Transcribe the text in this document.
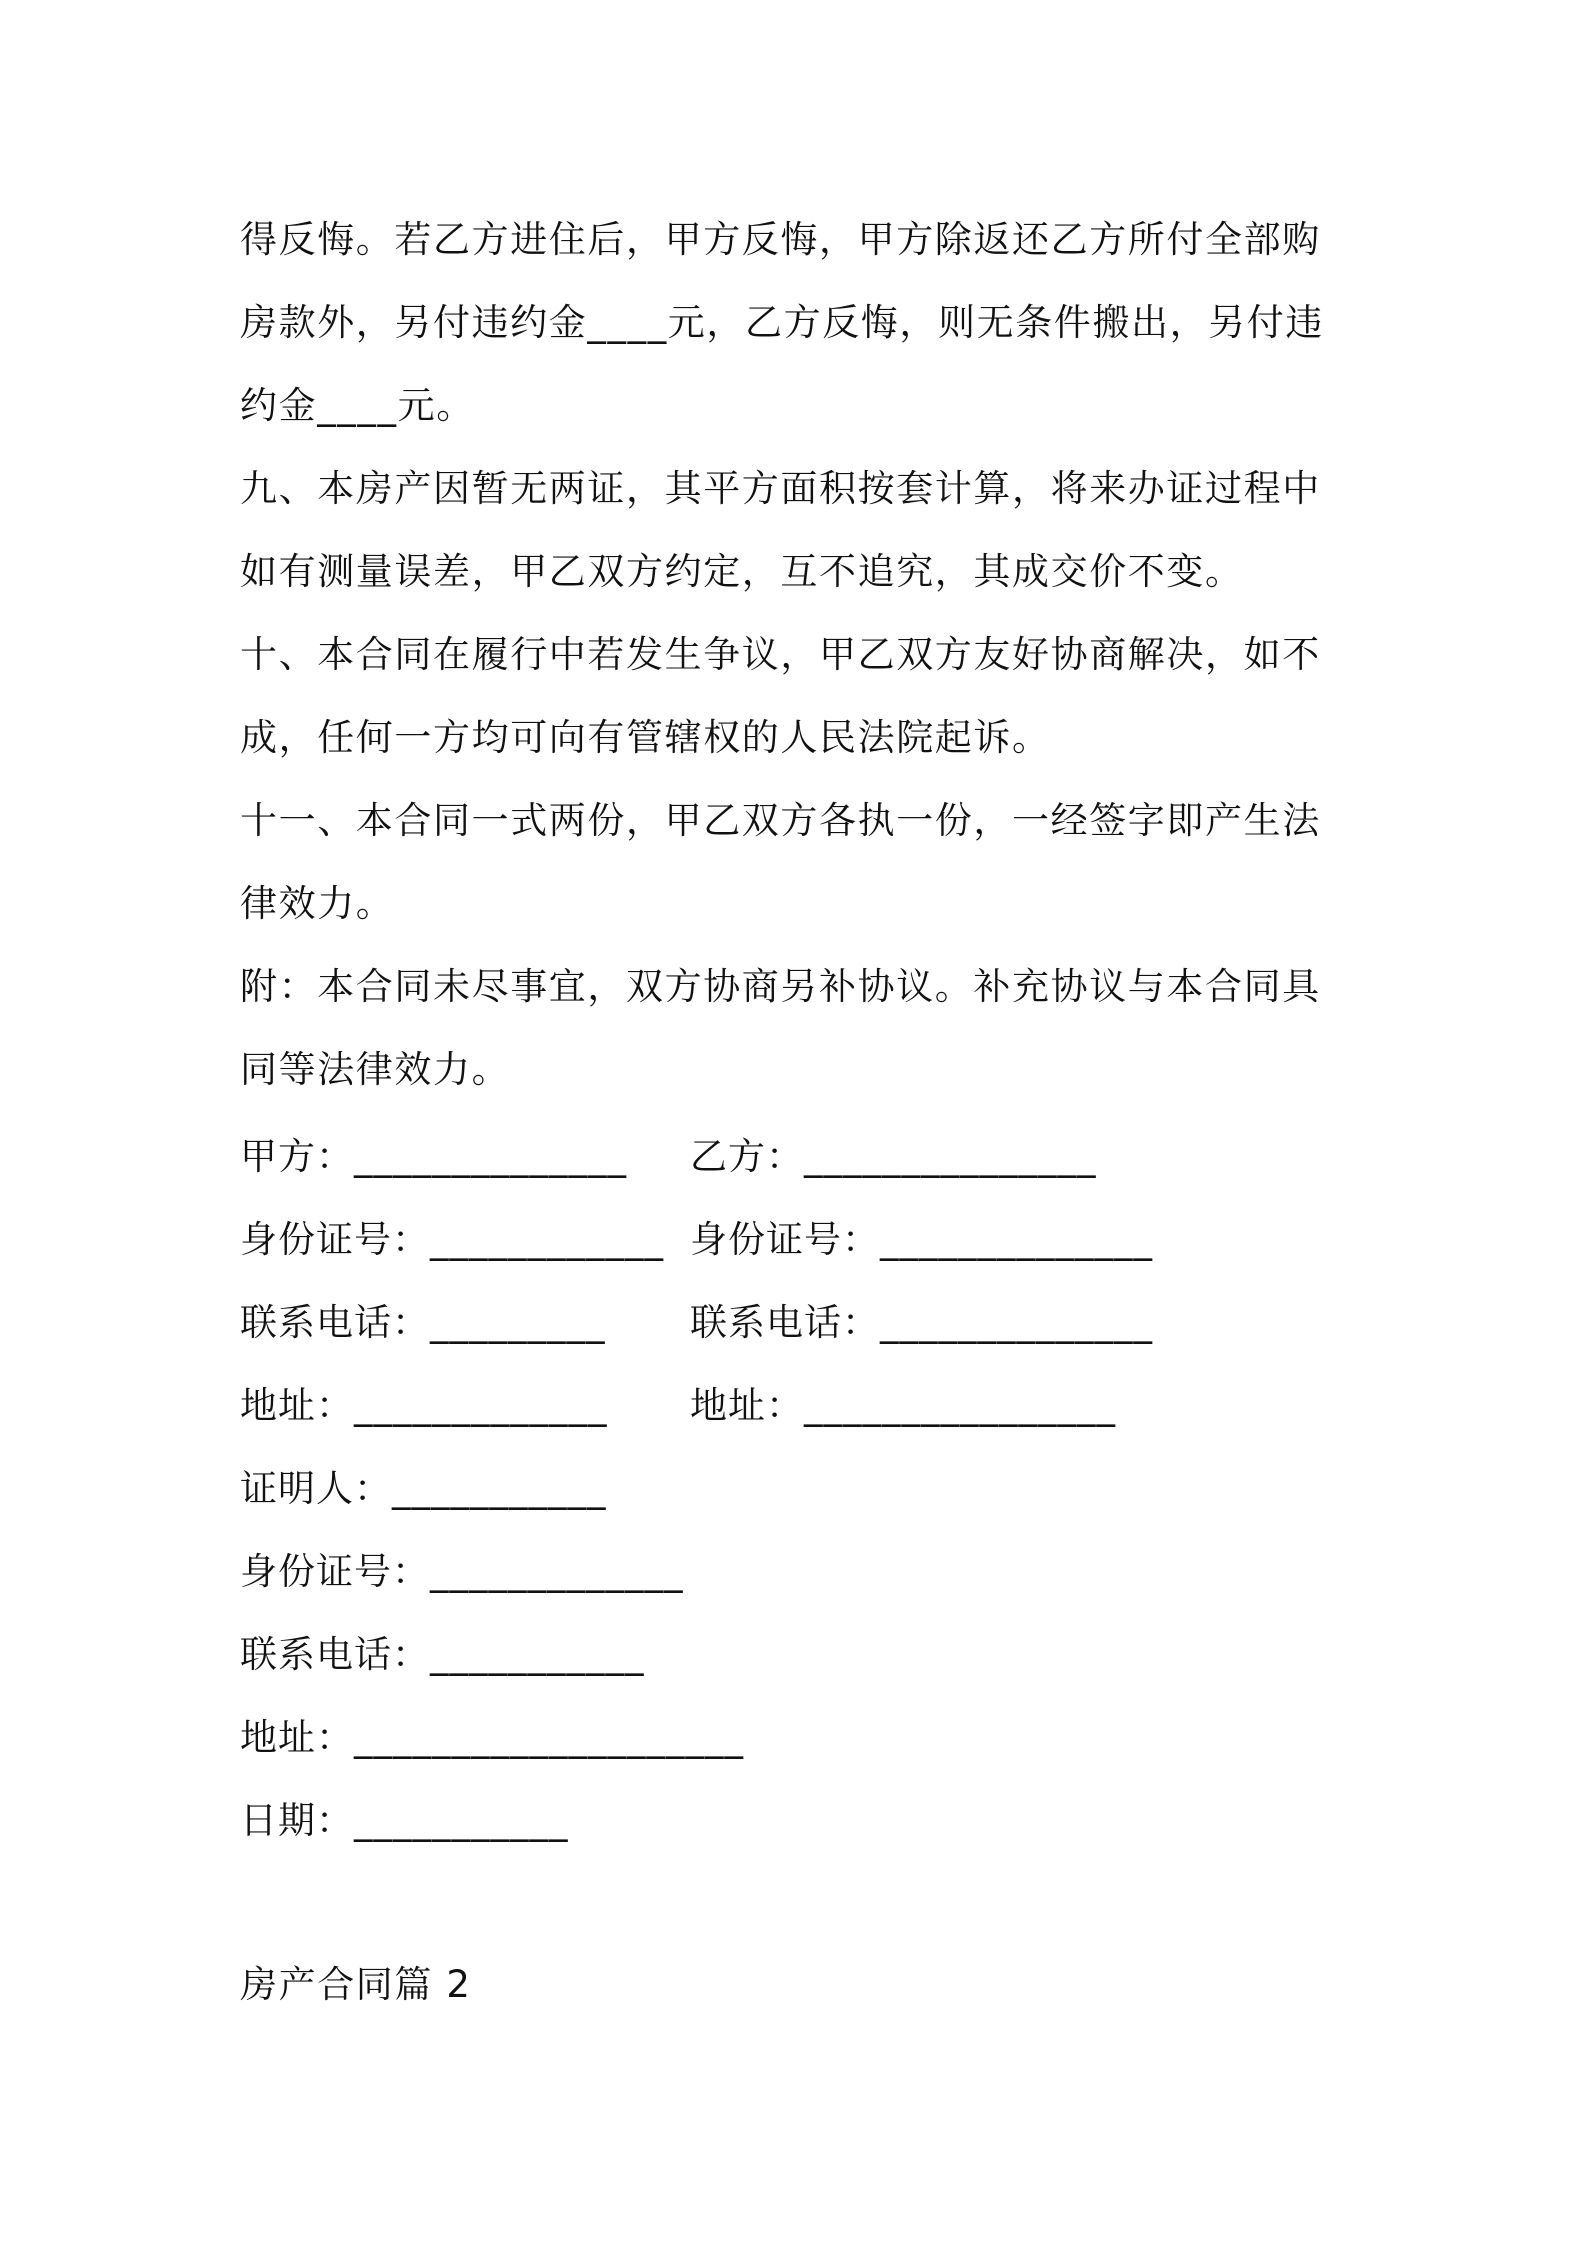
得反悔。若乙方进住后，甲方反悔，甲方除返还乙方所付全部购房款外，另付违约金____元，乙方反悔，则无条件搬出，另付违约金____元。

九、本房产因暂无两证，其平方面积按套计算，将来办证过程中如有测量误差，甲乙双方约定，互不追究，其成交价不变。

十、本合同在履行中若发生争议，甲乙双方友好协商解决，如不成，任何一方均可向有管辖权的人民法院起诉。

十一、本合同一式两份，甲乙双方各执一份，一经签字即产生法律效力。

附：本合同未尽事宜，双方协商另补协议。补充协议与本合同具同等法律效力。

甲方：______________	乙方：_______________
身份证号：____________ 身份证号：______________
联系电话：_________	联系电话：______________
地址：_____________	地址：________________
证明人：___________
身份证号：_____________
联系电话：___________
地址：____________________
日期：___________

房产合同篇 2
